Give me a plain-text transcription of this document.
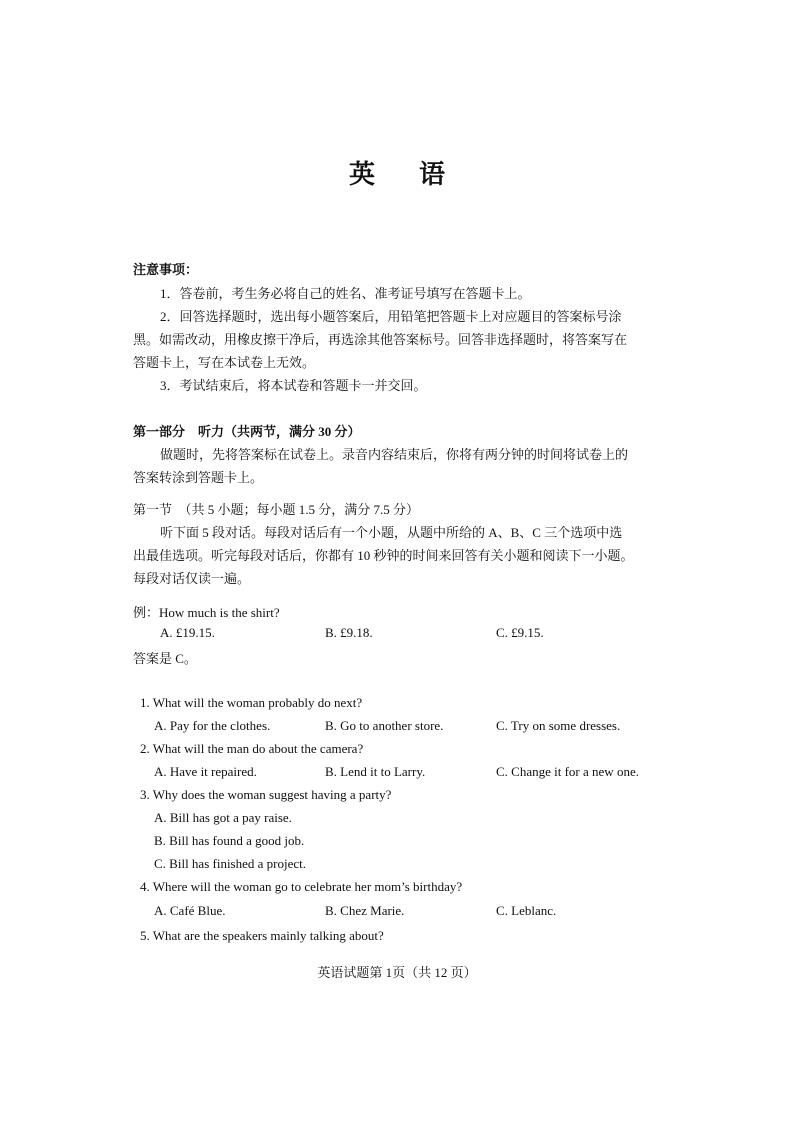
英 语
注意事项：
1．答卷前，考生务必将自己的姓名、准考证号填写在答题卡上。
2．回答选择题时，选出每小题答案后，用铅笔把答题卡上对应题目的答案标号涂
黑。如需改动，用橡皮擦干净后，再选涂其他答案标号。回答非选择题时，将答案写在
答题卡上，写在本试卷上无效。
3．考试结束后，将本试卷和答题卡一并交回。
第一部分　听力（共两节，满分 30 分）
做题时，先将答案标在试卷上。录音内容结束后，你将有两分钟的时间将试卷上的
答案转涂到答题卡上。
第一节　（共 5 小题；每小题 1.5 分，满分 7.5 分）
听下面 5 段对话。每段对话后有一个小题，从题中所给的 A、B、C 三个选项中选
出最佳选项。听完每段对话后，你都有 10 秒钟的时间来回答有关小题和阅读下一小题。
每段对话仅读一遍。
例：How much is the shirt?
A. £19.15.	B. £9.18.	C. £9.15.
答案是 C。
1. What will the woman probably do next?
A. Pay for the clothes.	B. Go to another store.	C. Try on some dresses.
2. What will the man do about the camera?
A. Have it repaired.	B. Lend it to Larry.	C. Change it for a new one.
3. Why does the woman suggest having a party?
A. Bill has got a pay raise.
B. Bill has found a good job.
C. Bill has finished a project.
4. Where will the woman go to celebrate her mom’s birthday?
A. Café Blue.	B. Chez Marie.	C. Leblanc.
5. What are the speakers mainly talking about?
英语试题第 1页（共 12 页）
